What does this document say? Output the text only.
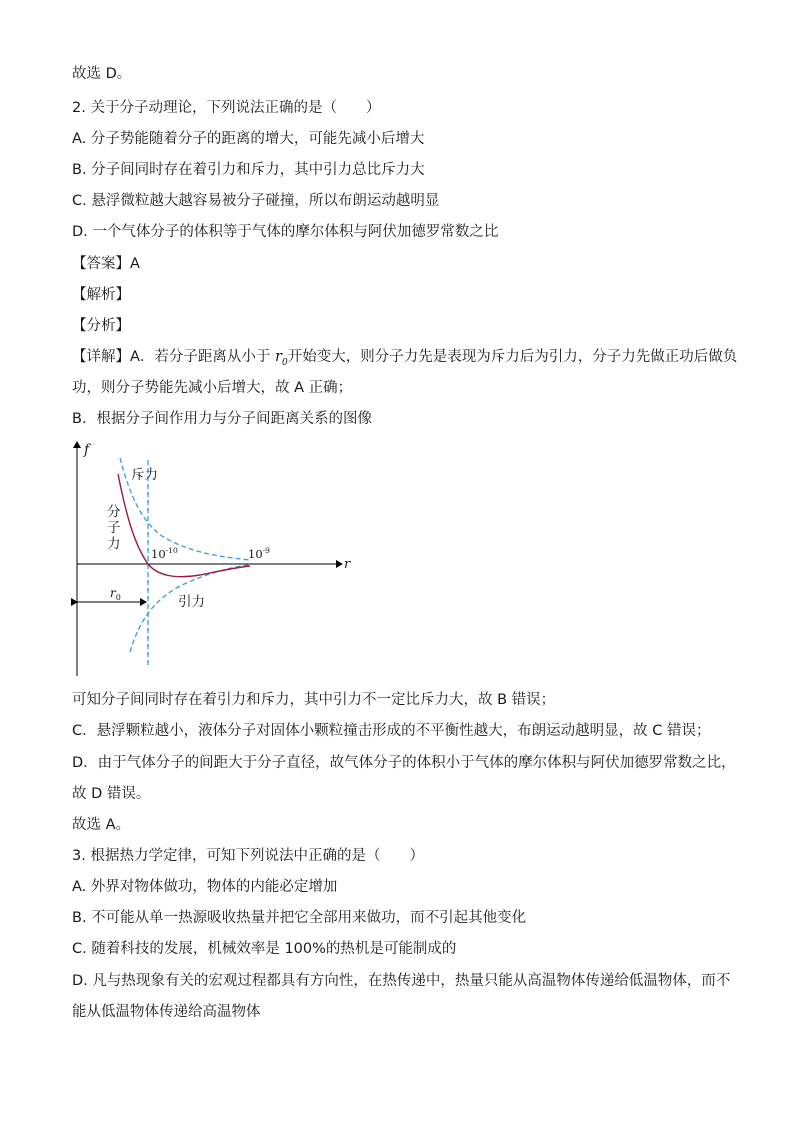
故选 D。
2. 关于分子动理论，下列说法正确的是（　　）
A. 分子势能随着分子的距离的增大，可能先减小后增大
B. 分子间同时存在着引力和斥力，其中引力总比斥力大
C. 悬浮微粒越大越容易被分子碰撞，所以布朗运动越明显
D. 一个气体分子的体积等于气体的摩尔体积与阿伏加德罗常数之比
【答案】A
【解析】
【分析】
【详解】A．若分子距离从小于 $r_0$开始变大，则分子力先是表现为斥力后为引力，分子力先做正功后做负
功，则分子势能先减小后增大，故 A 正确；
B．根据分子间作用力与分子间距离关系的图像
f
r
斥力
引力
分
子
力
$10^{-10}$	$10^{-9}$
$r_0$
可知分子间同时存在着引力和斥力，其中引力不一定比斥力大，故 B 错误；
C．悬浮颗粒越小，液体分子对固体小颗粒撞击形成的不平衡性越大，布朗运动越明显，故 C 错误；
D．由于气体分子的间距大于分子直径，故气体分子的体积小于气体的摩尔体积与阿伏加德罗常数之比，
故 D 错误。
故选 A。
3. 根据热力学定律，可知下列说法中正确的是（　　）
A. 外界对物体做功，物体的内能必定增加
B. 不可能从单一热源吸收热量并把它全部用来做功，而不引起其他变化
C. 随着科技的发展，机械效率是 100%的热机是可能制成的
D. 凡与热现象有关的宏观过程都具有方向性，在热传递中，热量只能从高温物体传递给低温物体，而不
能从低温物体传递给高温物体
